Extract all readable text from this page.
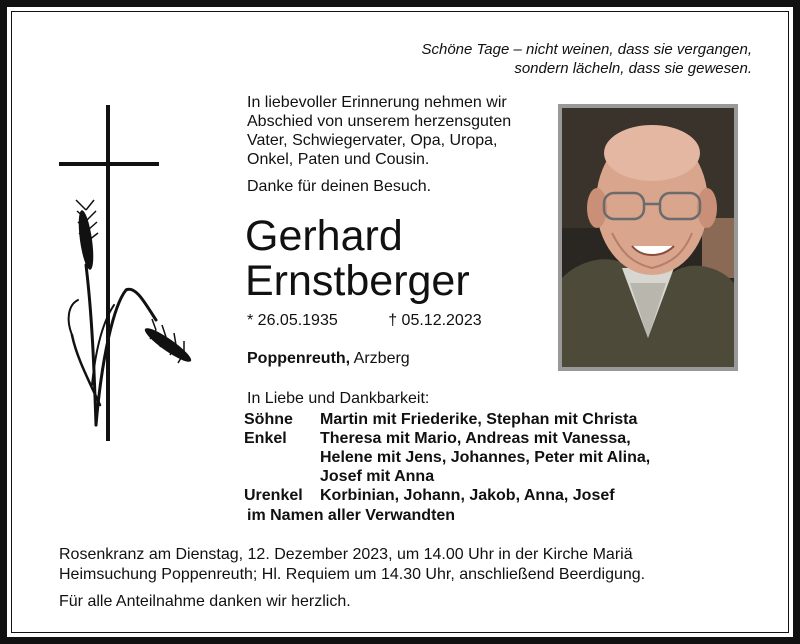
Schöne Tage – nicht weinen, dass sie vergangen,
sondern lächeln, dass sie gewesen.
In liebevoller Erinnerung nehmen wir
Abschied von unserem herzensguten
Vater, Schwiegervater, Opa, Uropa,
Onkel, Paten und Cousin.
Danke für deinen Besuch.
Gerhard
Ernstberger
* 26.05.1935	† 05.12.2023
Poppenreuth, Arzberg
In Liebe und Dankbarkeit:
Söhne	Martin mit Friederike, Stephan mit Christa

Enkel	Theresa mit Mario, Andreas mit Vanessa,
Helene mit Jens, Johannes, Peter mit Alina,
Josef mit Anna

Urenkel	Korbinian, Johann, Jakob, Anna, Josef
im Namen aller Verwandten
Rosenkranz am Dienstag, 12. Dezember 2023, um 14.00 Uhr in der Kirche Mariä
Heimsuchung Poppenreuth; Hl. Requiem um 14.30 Uhr, anschließend Beerdigung.
Für alle Anteilnahme danken wir herzlich.
